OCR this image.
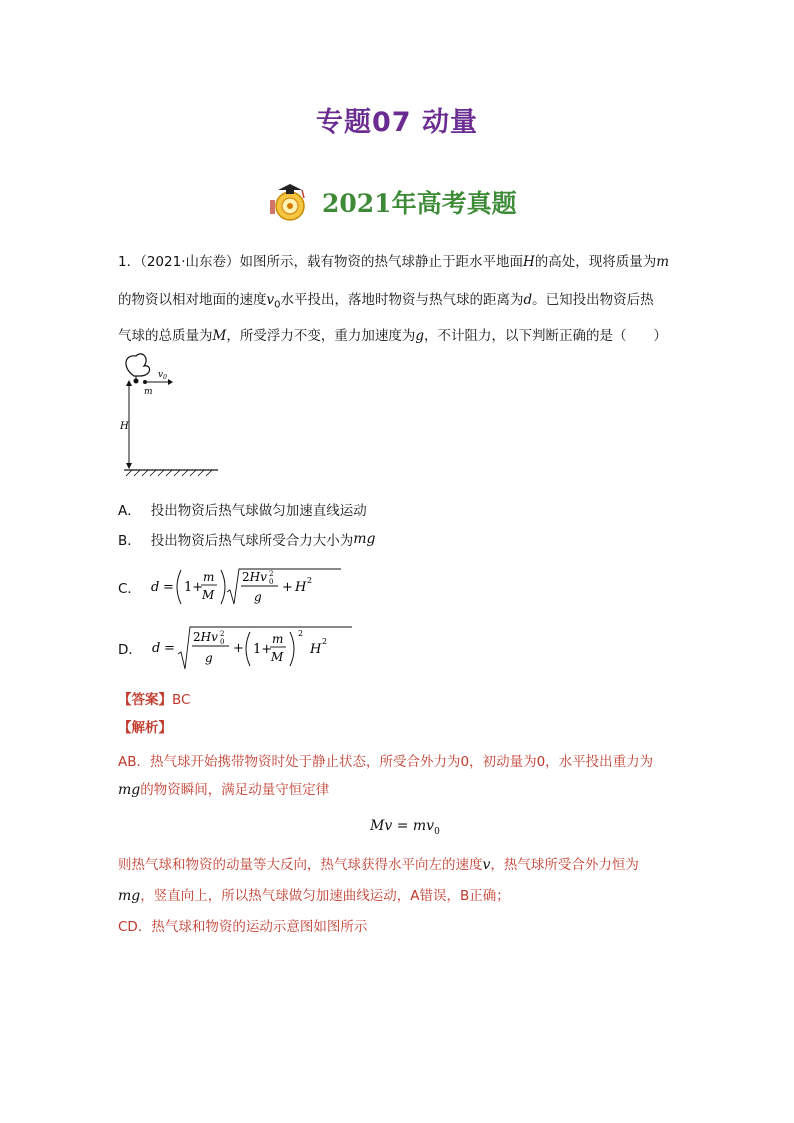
专题07 动量
2021年高考真题
1．（2021·山东卷）如图所示，载有物资的热气球静止于距水平地面H的高处，现将质量为m
的物资以相对地面的速度$v_0$水平投出，落地时物资与热气球的距离为d。已知投出物资后热
气球的总质量为M，所受浮力不变，重力加速度为g，不计阻力，以下判断正确的是（　　）
$v_0$
m
H
A． 投出物资后热气球做匀加速直线运动
B． 投出物资后热气球所受合力大小为 mg
C． d = 1+
m
M
2Hv 2
0
g
+ H 2
D． d =
2Hv 2
0
g
+ 1+
m
M
2
H
2
【答案】BC
【解析】
AB．热气球开始携带物资时处于静止状态，所受合外力为0，初动量为0，水平投出重力为
mg的物资瞬间，满足动量守恒定律
$Mv = mv_0$
则热气球和物资的动量等大反向，热气球获得水平向左的速度v，热气球所受合外力恒为
mg，竖直向上，所以热气球做匀加速曲线运动，A错误，B正确；
CD．热气球和物资的运动示意图如图所示
